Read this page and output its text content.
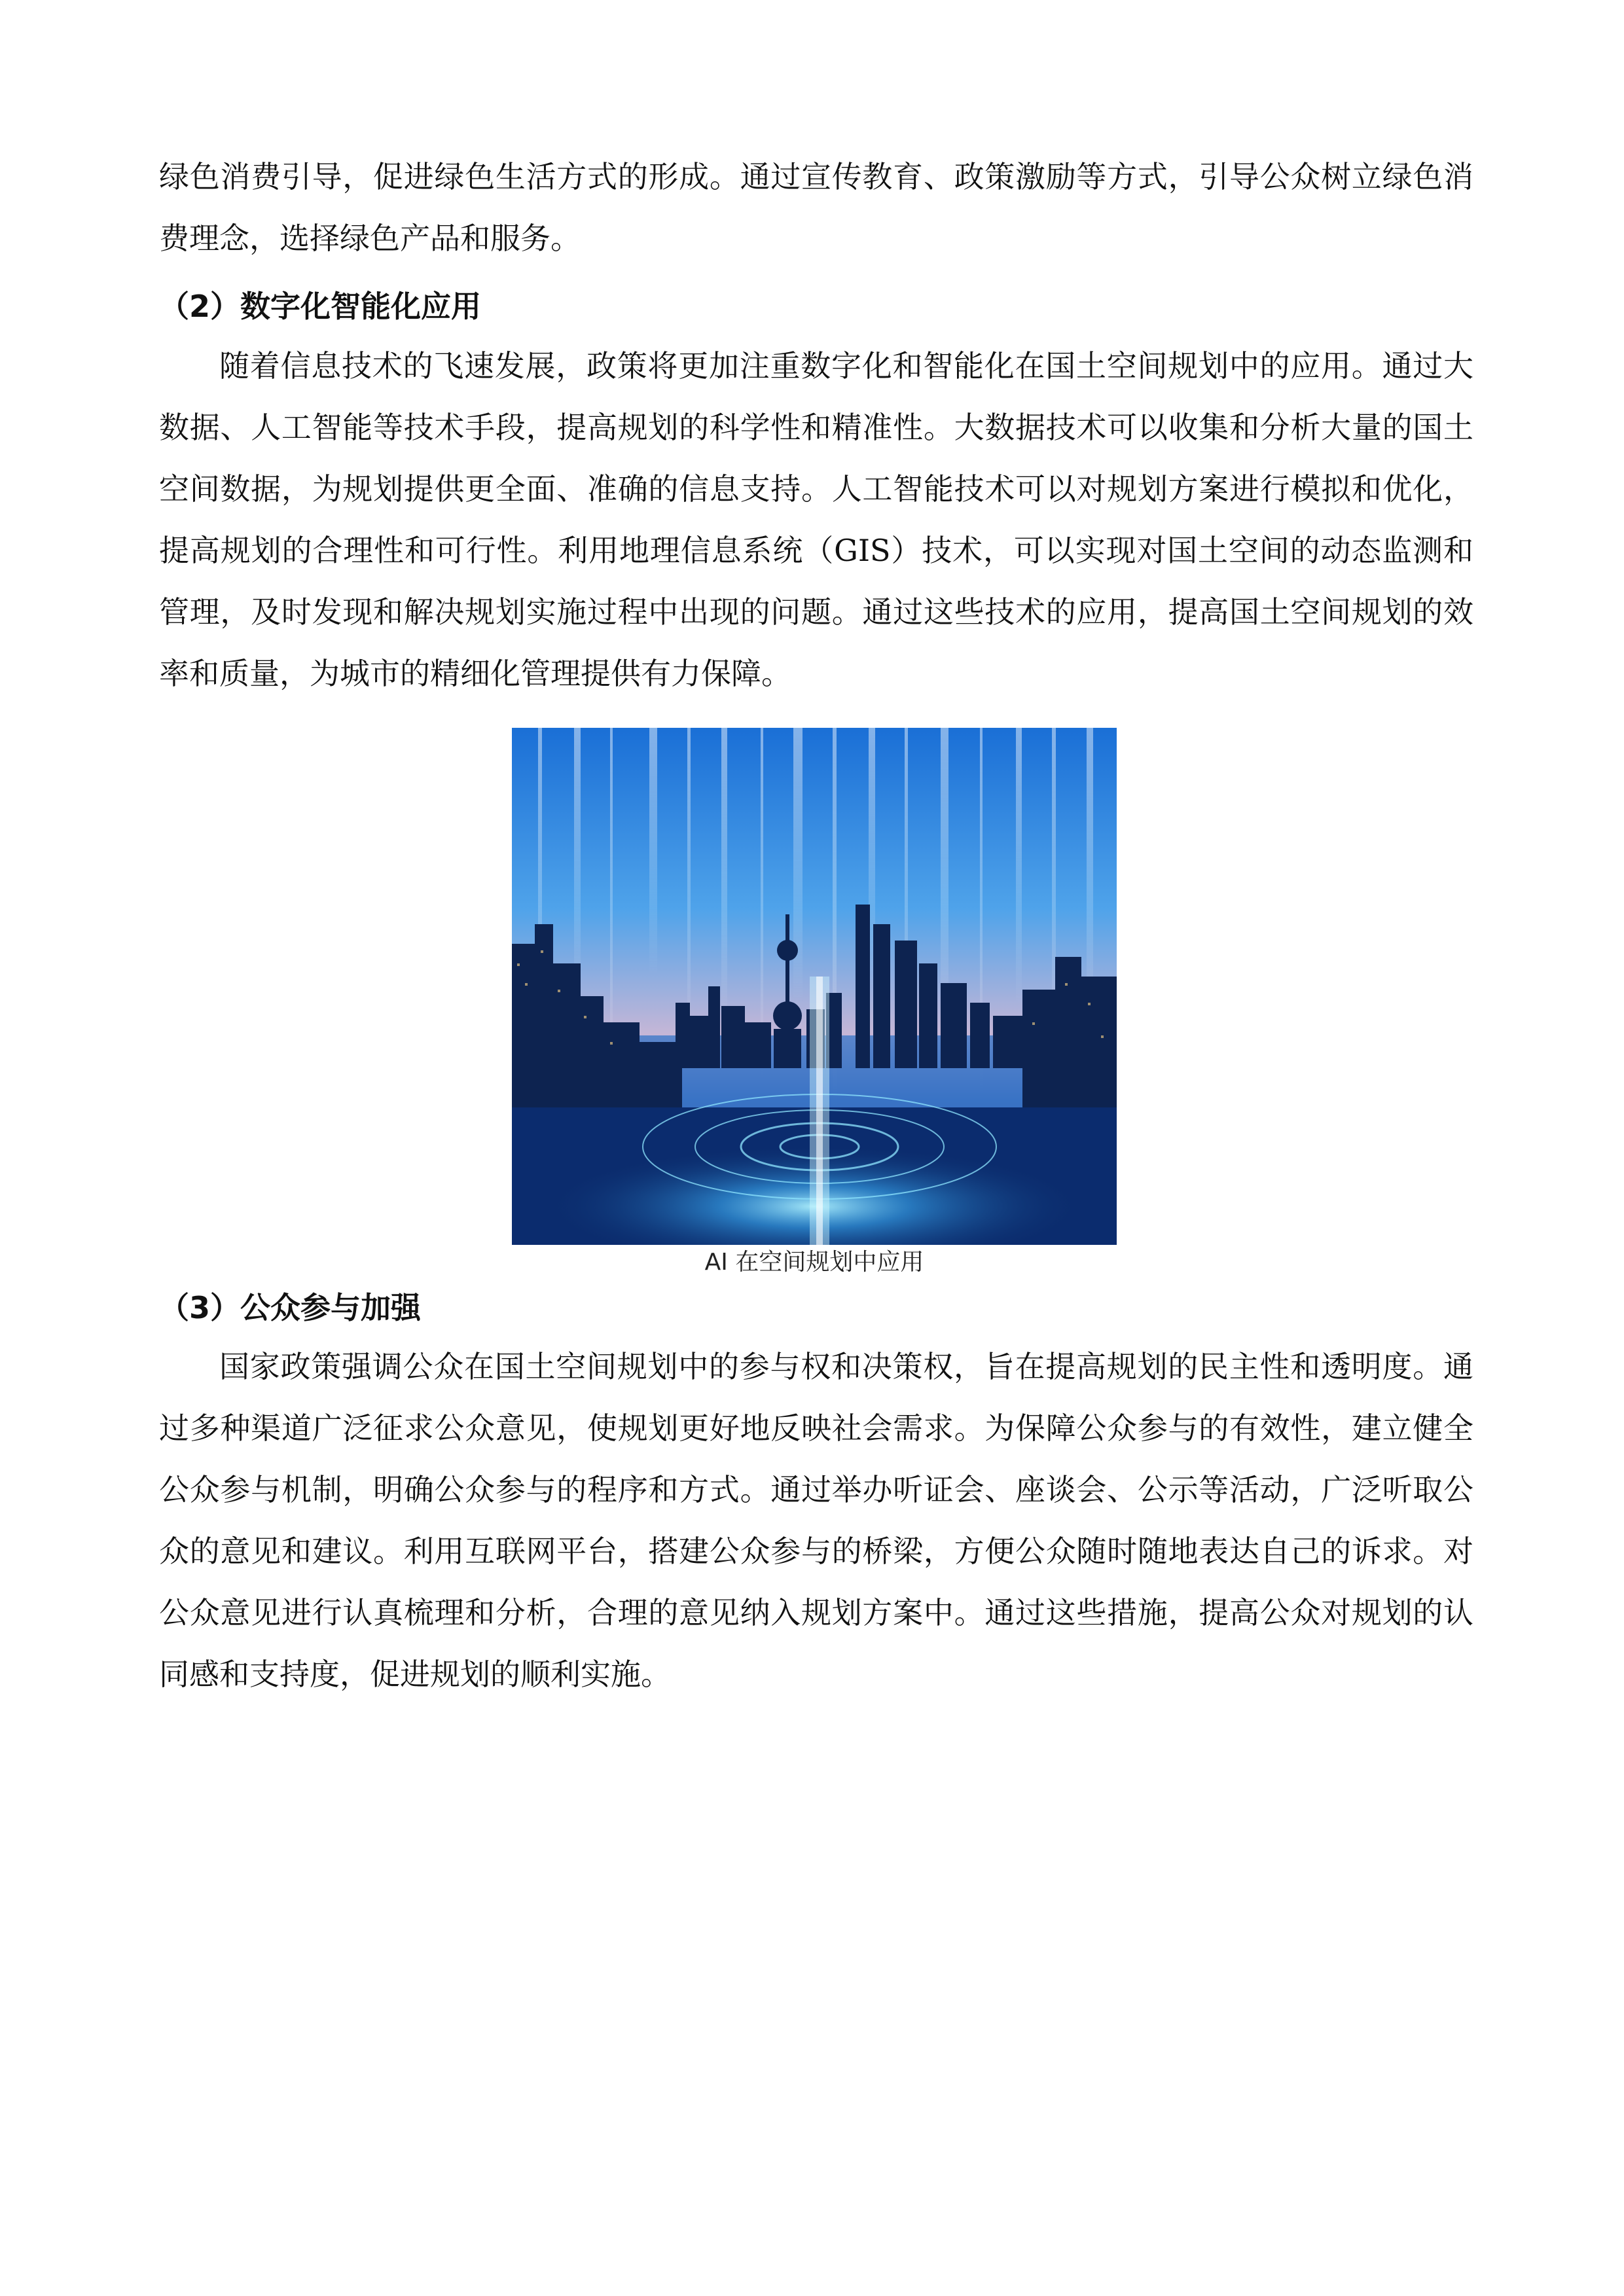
绿色消费引导，促进绿色生活方式的形成。通过宣传教育、政策激励等方式，引导公众树立绿色消费理念，选择绿色产品和服务。

（2）数字化智能化应用

随着信息技术的飞速发展，政策将更加注重数字化和智能化在国土空间规划中的应用。通过大数据、人工智能等技术手段，提高规划的科学性和精准性。大数据技术可以收集和分析大量的国土空间数据，为规划提供更全面、准确的信息支持。人工智能技术可以对规划方案进行模拟和优化，提高规划的合理性和可行性。利用地理信息系统（GIS）技术，可以实现对国土空间的动态监测和管理，及时发现和解决规划实施过程中出现的问题。通过这些技术的应用，提高国土空间规划的效率和质量，为城市的精细化管理提供有力保障。

AI 在空间规划中应用

（3）公众参与加强

国家政策强调公众在国土空间规划中的参与权和决策权，旨在提高规划的民主性和透明度。通过多种渠道广泛征求公众意见，使规划更好地反映社会需求。为保障公众参与的有效性，建立健全公众参与机制，明确公众参与的程序和方式。通过举办听证会、座谈会、公示等活动，广泛听取公众的意见和建议。利用互联网平台，搭建公众参与的桥梁，方便公众随时随地表达自己的诉求。对公众意见进行认真梳理和分析，合理的意见纳入规划方案中。通过这些措施，提高公众对规划的认同感和支持度，促进规划的顺利实施。
